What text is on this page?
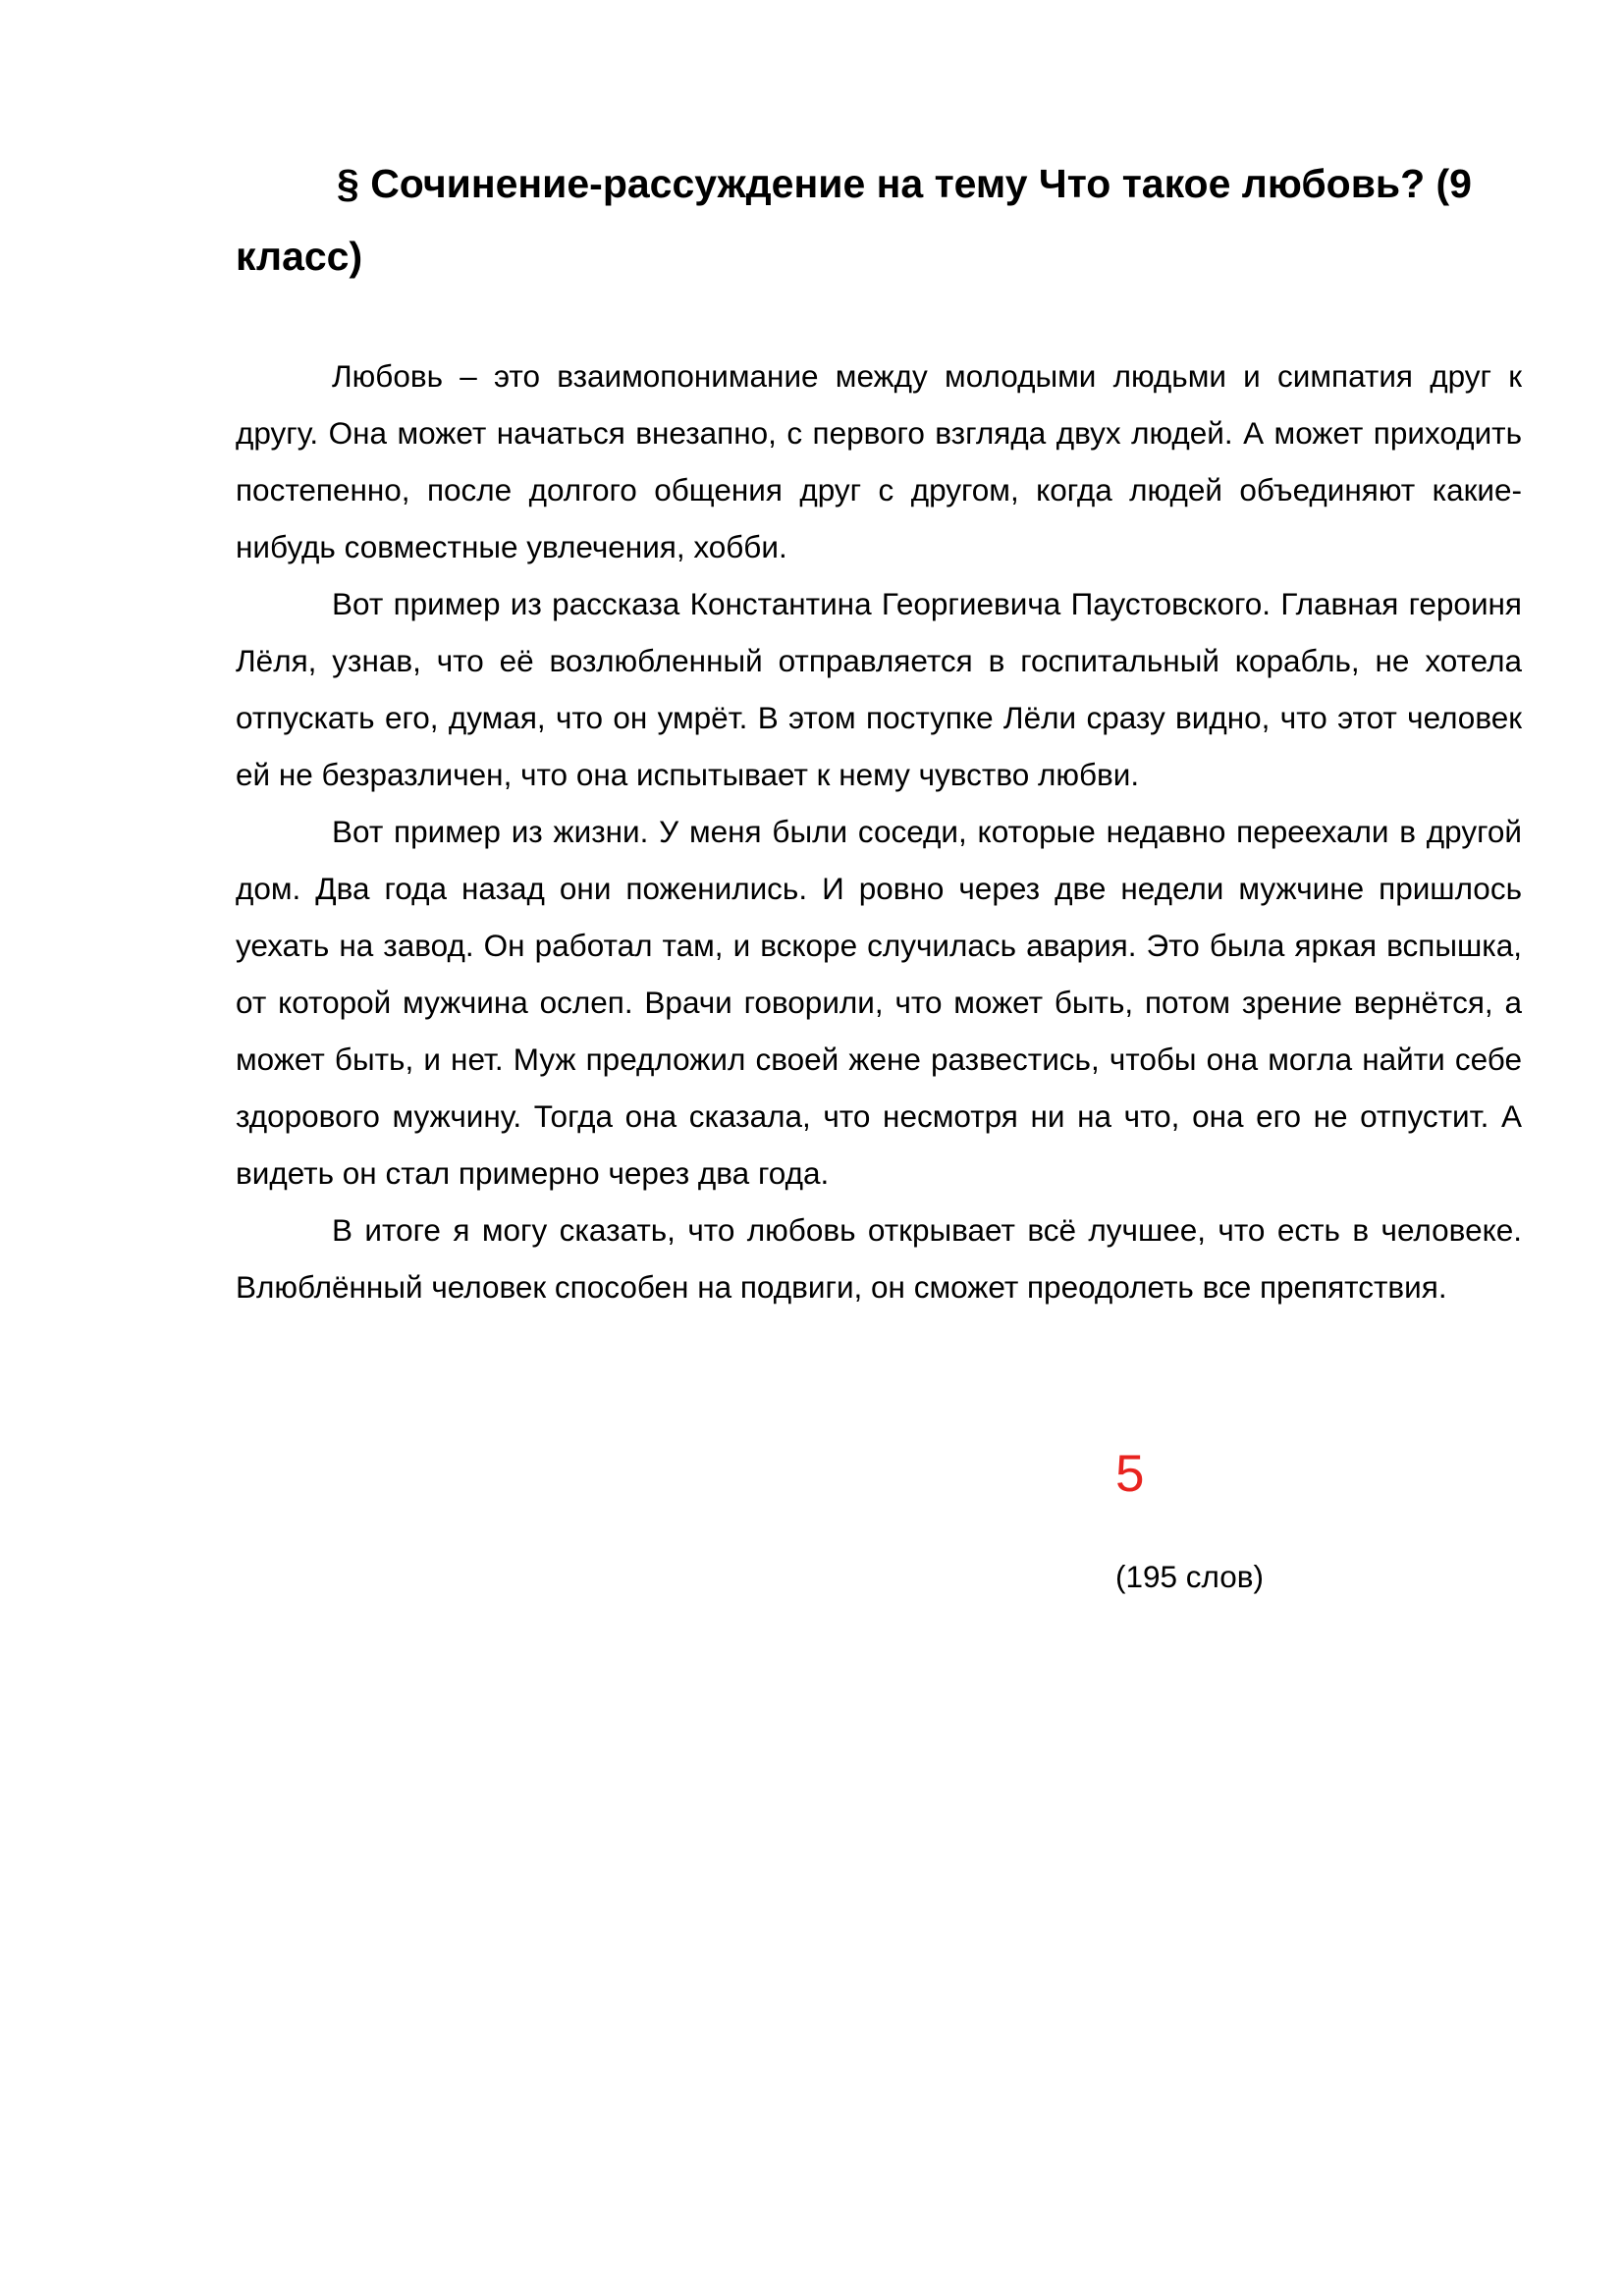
§ Сочинение-рассуждение на тему Что такое любовь? (9 класс)

Любовь – это взаимопонимание между молодыми людьми и симпатия друг к другу. Она может начаться внезапно, с первого взгляда двух людей. А может приходить постепенно, после долгого общения друг с другом, когда людей объединяют какие-нибудь совместные увлечения, хобби.

Вот пример из рассказа Константина Георгиевича Паустовского. Главная героиня Лёля, узнав, что её возлюбленный отправляется в госпитальный корабль, не хотела отпускать его, думая, что он умрёт. В этом поступке Лёли сразу видно, что этот человек ей не безразличен, что она испытывает к нему чувство любви.

Вот пример из жизни. У меня были соседи, которые недавно переехали в другой дом. Два года назад они поженились. И ровно через две недели мужчине пришлось уехать на завод. Он работал там, и вскоре случилась авария. Это была яркая вспышка, от которой мужчина ослеп. Врачи говорили, что может быть, потом зрение вернётся, а может быть, и нет. Муж предложил своей жене развестись, чтобы она могла найти себе здорового мужчину. Тогда она сказала, что несмотря ни на что, она его не отпустит. А видеть он стал примерно через два года.

В итоге я могу сказать, что любовь открывает всё лучшее, что есть в человеке. Влюблённый человек способен на подвиги, он сможет преодолеть все препятствия.

5
(195 слов)
